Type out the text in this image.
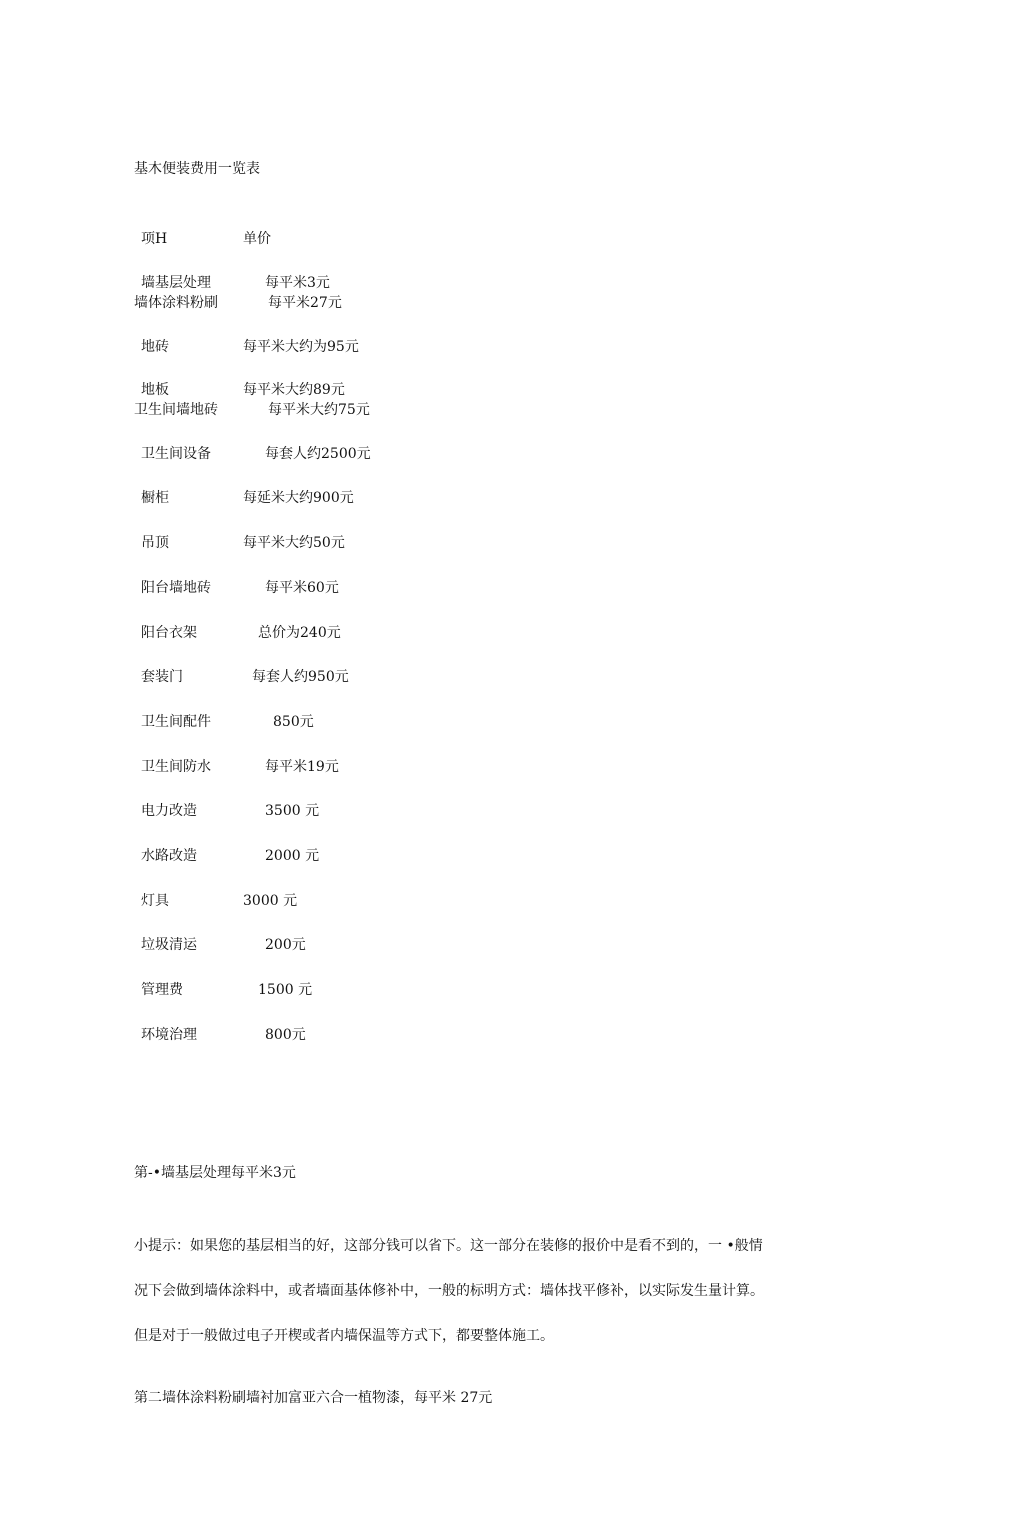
基木便装费用一览表
项H	单价
墙基层处理	每平米3元
墙体涂料粉刷	每平米27元
地砖	每平米大约为95元
地板	每平米大约89元
卫生间墙地砖	每平米大约75元
卫生间设备	每套人约2500元
橱柜	每延米大约900元
吊顶	每平米大约50元
阳台墙地砖	每平米60元
阳台衣架	总价为240元
套装门	每套人约950元
卫生间配件	850元
卫生间防水	每平米19元
电力改造	3500 元
水路改造	2000 元
灯具	3000 元
垃圾清运	200元
管理费	1500 元
环境治理	800元
第-•墙基层处理每平米3元
小提示：如果您的基层相当的好，这部分钱可以省下。这一部分在装修的报价中是看不到的，一 •般情
况下会做到墙体涂料中，或者墙面基体修补中，一般的标明方式：墙体找平修补，以实际发生量计算。
但是对于一般做过电子开楔或者内墙保温等方式下，都要整体施工。
第二墙体涂料粉刷墙衬加富亚六合一植物漆，每平米 27元
